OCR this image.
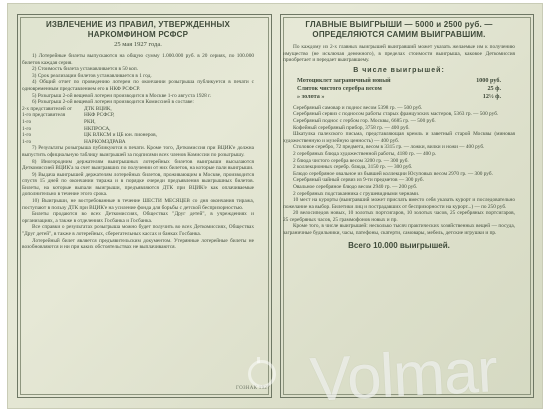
ИЗВЛЕЧЕНИЕ ИЗ ПРАВИЛ, УТВЕРЖДЕННЫХ
НАРКОМФИНОМ РСФСР
25 мая 1927 года.

1) Лотерейные билеты выпускаются на общую сумму 1.000.000 руб. в 20 сериях, по 100.000 билетов каждая серия.

2) Стоимость билета устанавливается в 50 коп.

3) Срок реализации билетов устанавливается в 1 год.

4) Общий отчет по проведению лотереи по окончании розыгрыша публикуется в печати с одновременным представлением его в НКФ РСФСР.

5) Розыгрыш 2-ой вещевой лотереи производится в Москве 1-го августа 1928 г.

6) Розыгрыш 2-ой вещевой лотереи производится Комиссией в составе:

2-х представителей от	ДТК ВЦИК,
1-го представителя	НКФ РСФСР,
1-го	РКИ,
1-го	НКПРОСА,
1-го	ЦК ВЛКСМ и ЦБ юн. пионеров,
1-го	НАРКОМЗДРАВА

7) Результаты розыгрыша публикуются в печати. Кроме того, Деткомиссия при ВЦИК'е должна выпустить официальную таблицу выигрышей за подписями всех членов Комиссии по розыгрышу.

8) Иногородним держателям выигрышных лотерейных билетов выигрыши высылаются Деткомиссией ВЦИК'а за счет выигравших по получении от них билетов, на которые пали выигрыши.

9) Выдача выигрышей держателям лотерейных билетов, проживающим в Москве, производится спустя 15 дней по окончании тиража и в порядке очереди предъявления выигрышных билетов. Билеты, на которые выпали выигрыши, предъявляются ДТК при ВЦИК'е как оплачиваемые дополнительно в течение этого срока.

10) Выигрыши, не востребованные в течение ШЕСТИ МЕСЯЦЕВ со дня окончания тиража, поступают в пользу ДТК при ВЦИК'е на усиление фонда для борьбы с детской беспризорностью.

Билеты продаются во всех Деткомиссиях, Обществах "Друг детей", в учреждениях и организациях, а также в отделениях Госбанка и Госбанка.

Все справки о результатах розыгрыша можно будет получить во всех Деткомиссиях, Обществах "Друг детей", в также в лотерейных, сберегательных кассах и банках Госбанка.

Лотерейный билет является предъявительским документом. Утерянные лотерейные билеты не возобновляются и ни при каких обстоятельствах не выплачиваются.

ГЛАВНЫЕ ВЫИГРЫШИ — 5000 и 2500 руб. —
ОПРЕДЕЛЯЮТСЯ САМИМ ВЫИГРАВШИМ.
По каждому из 2-х главных выигрышей выигравший может указать желаемые им к получению имущество (не исключая денежного), в пределах стоимости выигрыша, каковое Деткомиссия приобретает и передает выигравшему.
В числе выигрышей:
Мотоциклет заграничный новый	1000 руб.
Слиток чистого серебра весом	25 ф.
» золота »	12½ ф.

Серебряный самовар и поднос весом 5398 гр. — 500 руб.

Серебряный сервиз с подносом работы старых французских мастеров, 5363 гр. — 500 руб.

Серебряный поднос с гербом гор. Москвы, 6685 гр. — 500 руб.

Кофейный серебряный прибор, 3758 гр. — 400 руб.

Шкатулка палехского письма, представляющая кремль и заветный старой Москвы (миновая художественную и музейную ценность) — 400 руб.

Столовое серебро, 72 предмета, весом в 3315 гр. — ложки, вилки и ножи — 400 руб.

2 серебряных блюда художественной работы, 4180 гр. — 400 р.

2 блюда чистого серебра весом 3200 гр. — 300 руб.

2 коллекционных серебр. блюда, 3150 гр. — 300 руб.

Блюдо серебряное овальное из бывшей коллекции Юсуповых весом 2970 гр. — 300 руб.

Серебряный чайный сервиз из 9-ти предметов — 300 руб.

Овальное серебряное блюдо весом 2940 гр. — 200 руб.

2 серебряных подстаканника с грушевидными чернами.

10 мест на курорты (выигравший может прислать вместо себя указать курорт и последовательно пожелание на выбор. Билетики лиц и пострадавших от беспризорности на курорт...) — по 250 руб.

20 велосипедов новых, 10 золотых портсигаров, 10 золотых часов, 25 серебряных портсигаров, 25 серебряных часов, 25 граммофонов новых и пр.

Кроме того, в числе выигрышей: несколько тысяч практических хозяйственных вещей — посуда, заграничные будильники, часы, патефоны, скатерти, самовары, мебель, детские игрушки и пр.

Всего 10.000 выигрышей.
ГОЗНАК 1927 Volmar
